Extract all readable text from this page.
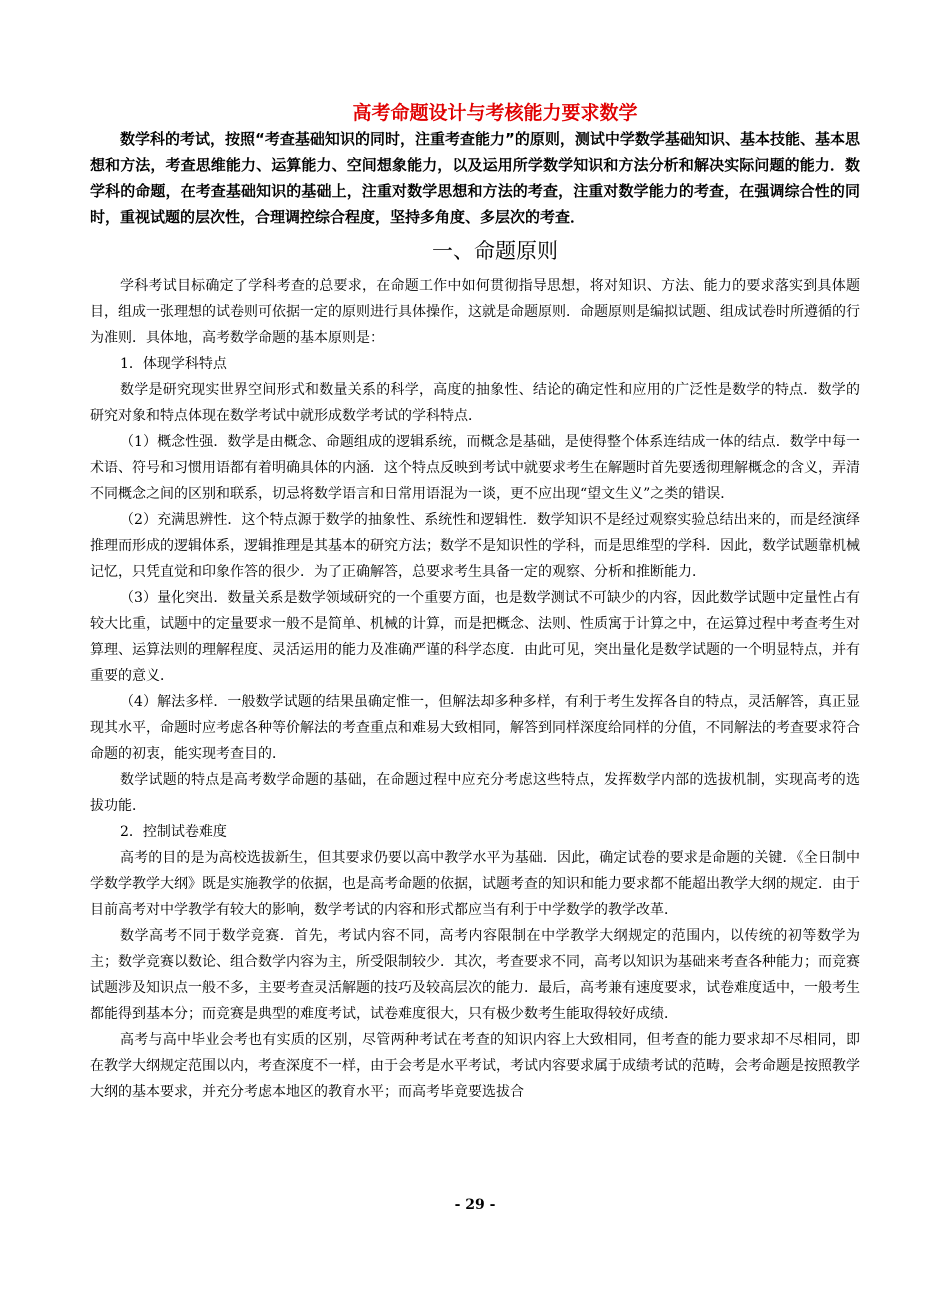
高考命题设计与考核能力要求数学

数学科的考试，按照“考查基础知识的同时，注重考查能力”的原则，测试中学数学基础知识、基本技能、基本思想和方法，考查思维能力、运算能力、空间想象能力，以及运用所学数学知识和方法分析和解决实际问题的能力．数学科的命题，在考查基础知识的基础上，注重对数学思想和方法的考查，注重对数学能力的考查，在强调综合性的同时，重视试题的层次性，合理调控综合程度，坚持多角度、多层次的考查．

一、命题原则

学科考试目标确定了学科考查的总要求，在命题工作中如何贯彻指导思想，将对知识、方法、能力的要求落实到具体题目，组成一张理想的试卷则可依据一定的原则进行具体操作，这就是命题原则．命题原则是编拟试题、组成试卷时所遵循的行为准则．具体地，高考数学命题的基本原则是：

1．体现学科特点

数学是研究现实世界空间形式和数量关系的科学，高度的抽象性、结论的确定性和应用的广泛性是数学的特点．数学的研究对象和特点体现在数学考试中就形成数学考试的学科特点．

（1）概念性强．数学是由概念、命题组成的逻辑系统，而概念是基础，是使得整个体系连结成一体的结点．数学中每一术语、符号和习惯用语都有着明确具体的内涵．这个特点反映到考试中就要求考生在解题时首先要透彻理解概念的含义，弄清不同概念之间的区别和联系，切忌将数学语言和日常用语混为一谈，更不应出现“望文生义”之类的错误．

（2）充满思辨性．这个特点源于数学的抽象性、系统性和逻辑性．数学知识不是经过观察实验总结出来的，而是经演绎推理而形成的逻辑体系，逻辑推理是其基本的研究方法；数学不是知识性的学科，而是思维型的学科．因此，数学试题靠机械记忆，只凭直觉和印象作答的很少．为了正确解答，总要求考生具备一定的观察、分析和推断能力．

（3）量化突出．数量关系是数学领域研究的一个重要方面，也是数学测试不可缺少的内容，因此数学试题中定量性占有较大比重，试题中的定量要求一般不是简单、机械的计算，而是把概念、法则、性质寓于计算之中，在运算过程中考查考生对算理、运算法则的理解程度、灵活运用的能力及准确严谨的科学态度．由此可见，突出量化是数学试题的一个明显特点，并有重要的意义．

（4）解法多样．一般数学试题的结果虽确定惟一，但解法却多种多样，有利于考生发挥各自的特点，灵活解答，真正显现其水平，命题时应考虑各种等价解法的考查重点和难易大致相同，解答到同样深度给同样的分值，不同解法的考查要求符合命题的初衷，能实现考查目的．

数学试题的特点是高考数学命题的基础，在命题过程中应充分考虑这些特点，发挥数学内部的选拔机制，实现高考的选拔功能．

2．控制试卷难度

高考的目的是为高校选拔新生，但其要求仍要以高中教学水平为基础．因此，确定试卷的要求是命题的关键．《全日制中学数学教学大纲》既是实施教学的依据，也是高考命题的依据，试题考查的知识和能力要求都不能超出教学大纲的规定．由于目前高考对中学教学有较大的影响，数学考试的内容和形式都应当有利于中学数学的教学改革．

数学高考不同于数学竞赛．首先，考试内容不同，高考内容限制在中学教学大纲规定的范围内，以传统的初等数学为主；数学竞赛以数论、组合数学内容为主，所受限制较少．其次，考查要求不同，高考以知识为基础来考查各种能力；而竞赛试题涉及知识点一般不多，主要考查灵活解题的技巧及较高层次的能力．最后，高考兼有速度要求，试卷难度适中，一般考生都能得到基本分；而竞赛是典型的难度考试，试卷难度很大，只有极少数考生能取得较好成绩．

高考与高中毕业会考也有实质的区别，尽管两种考试在考查的知识内容上大致相同，但考查的能力要求却不尽相同，即在教学大纲规定范围以内，考查深度不一样，由于会考是水平考试，考试内容要求属于成绩考试的范畴，会考命题是按照教学大纲的基本要求，并充分考虑本地区的教育水平；而高考毕竟要选拔合

- 29 -
